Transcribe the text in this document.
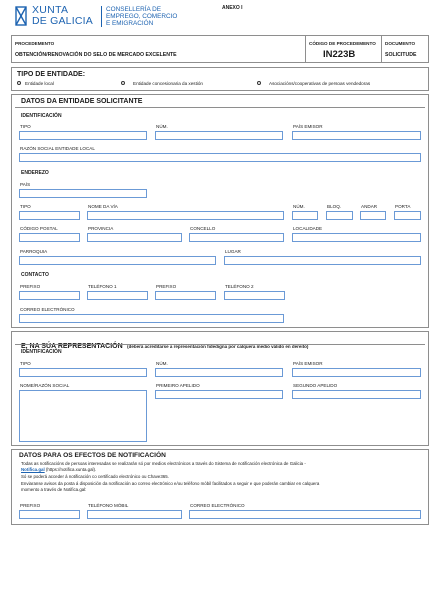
XUNTA
DE GALICIA
CONSELLERÍA DE
EMPREGO, COMERCIO
E EMIGRACIÓN
ANEXO I
PROCEDEMENTO
OBTENCIÓN/RENOVACIÓN DO SELO DE MERCADO EXCELENTE
CÓDIGO DE PROCEDEMENTO
IN223B
DOCUMENTO
SOLICITUDE
TIPO DE ENTIDADE:
Entidade local	Entidade concesionaria da xestión	Asociacións/cooperativas de persoas vendedoras
DATOS DA ENTIDADE SOLICITANTE
IDENTIFICACIÓN
TIPO	NÚM.	PAÍS EMISOR
RAZÓN SOCIAL ENTIDADE LOCAL
ENDEREZO
PAÍS
TIPO	NOME DA VÍA	NÚM.	BLOQ.	ANDAR	PORTA
CÓDIGO POSTAL	PROVINCIA	CONCELLO	LOCALIDADE
PARROQUIA	LUGAR
CONTACTO
PREFIXO	TELÉFONO 1	PREFIXO	TELÉFONO 2
CORREO ELECTRÓNICO
E, NA SÚA REPRESENTACIÓN (deberá acreditarse a representación fidedigna por calquera medio válido en dereito)
IDENTIFICACIÓN
TIPO	NÚM.	PAÍS EMISOR
NOME/RAZÓN SOCIAL	PRIMEIRO APELIDO	SEGUNDO APELIDO
DATOS PARA OS EFECTOS DE NOTIFICACIÓN
Todas as notificacións de persoas interesadas se realizarán só por medios electrónicos a través do Sistema de notificación electrónica de Galicia -
Notifica.gal (https://notifica.xunta.gal).
Só se poderá acceder á notificación co certificado electrónico ou Chave365.
Enviaranse avisos da posta á disposición da notificación ao correo electrónico e/ou teléfono móbil facilitados a seguir e que poderán cambiar en calquera
momento a través de Notifica.gal:
PREFIXO	TELÉFONO MÓBIL	CORREO ELECTRÓNICO
